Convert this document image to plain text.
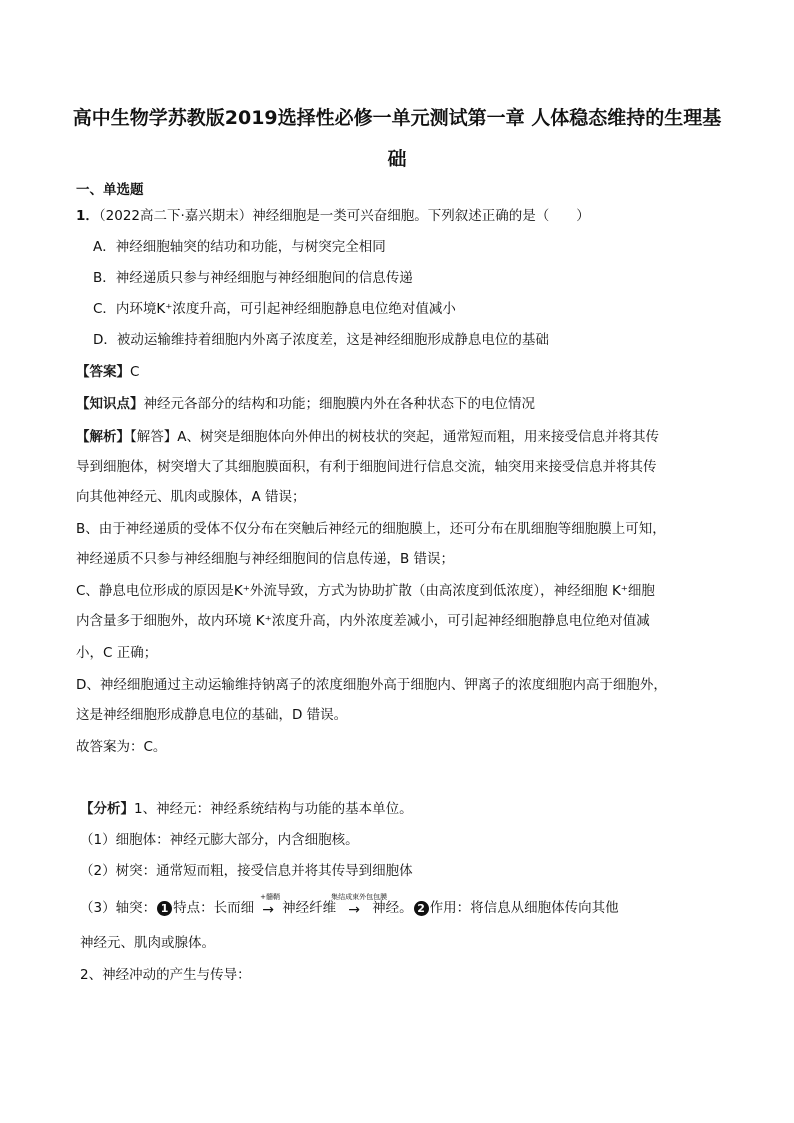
高中生物学苏教版2019选择性必修一单元测试第一章 人体稳态维持的生理基
础
一、单选题
1．（2022高二下·嘉兴期末）神经细胞是一类可兴奋细胞。下列叙述正确的是（　　）
A．神经细胞轴突的结功和功能，与树突完全相同
B．神经递质只参与神经细胞与神经细胞间的信息传递
C．内环境K⁺浓度升高，可引起神经细胞静息电位绝对值减小
D．被动运输维持着细胞内外离子浓度差，这是神经细胞形成静息电位的基础
【答案】C
【知识点】神经元各部分的结构和功能；细胞膜内外在各种状态下的电位情况
【解析】【解答】A、树突是细胞体向外伸出的树枝状的突起，通常短而粗，用来接受信息并将其传
导到细胞体，树突增大了其细胞膜面积，有利于细胞间进行信息交流，轴突用来接受信息并将其传
向其他神经元、肌肉或腺体，A 错误；
B、由于神经递质的受体不仅分布在突触后神经元的细胞膜上，还可分布在肌细胞等细胞膜上可知，
神经递质不只参与神经细胞与神经细胞间的信息传递，B 错误；
C、静息电位形成的原因是K⁺外流导致，方式为协助扩散（由高浓度到低浓度），神经细胞 K⁺细胞
内含量多于细胞外，故内环境 K⁺浓度升高，内外浓度差减小，可引起神经细胞静息电位绝对值减
小，C 正确；
D、神经细胞通过主动运输维持钠离子的浓度细胞外高于细胞内、钾离子的浓度细胞内高于细胞外，
这是神经细胞形成静息电位的基础，D 错误。
故答案为：C。
【分析】1、神经元：神经系统结构与功能的基本单位。
（1）细胞体：神经元膨大部分，内含细胞核。
（2）树突：通常短而粗，接受信息并将其传导到细胞体
（3）轴突： 1 特点：长而细
+髓鞘
→ 神经纤维
集结成束外包包膜
→ 神经。 2 作用：将信息从细胞体传向其他
神经元、肌肉或腺体。
2、神经冲动的产生与传导：
